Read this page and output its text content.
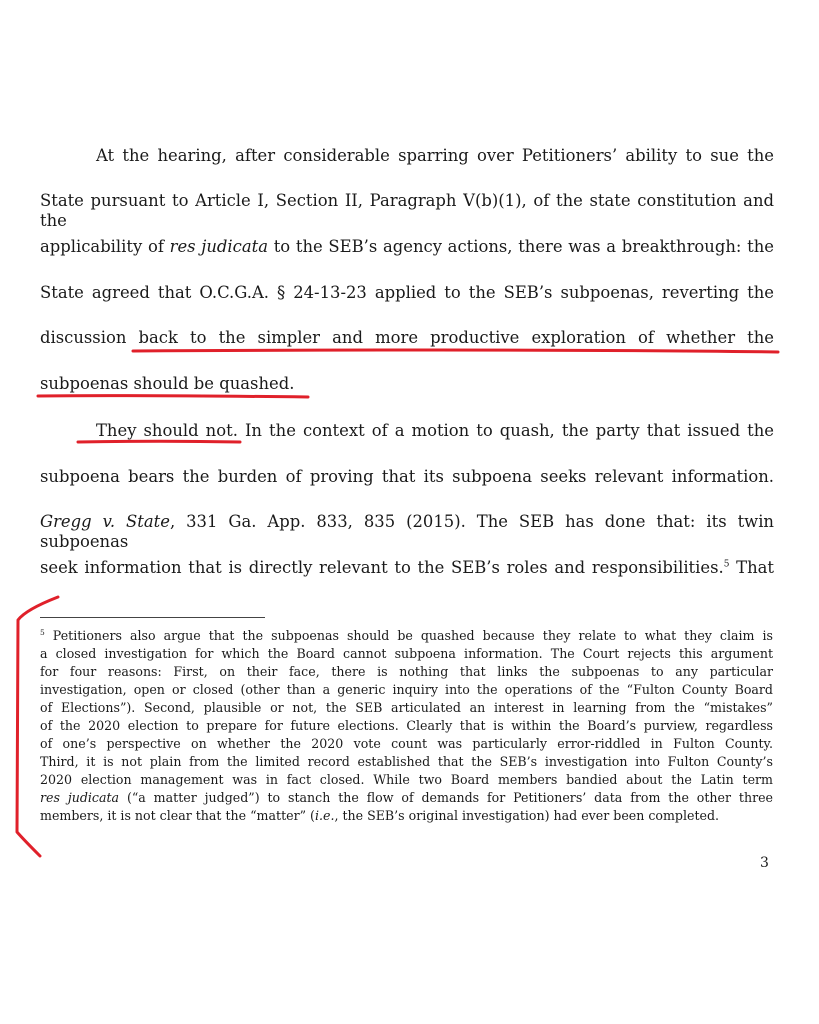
At the hearing, after considerable sparring over Petitioners’ ability to sue the
State pursuant to Article I, Section II, Paragraph V(b)(1), of the state constitution and the
applicability of res judicata to the SEB’s agency actions, there was a breakthrough: the
State agreed that O.C.G.A. § 24-13-23 applied to the SEB’s subpoenas, reverting the
discussion back to the simpler and more productive exploration of whether the
subpoenas should be quashed.
They should not. In the context of a motion to quash, the party that issued the
subpoena bears the burden of proving that its subpoena seeks relevant information.
Gregg v. State, 331 Ga. App. 833, 835 (2015). The SEB has done that: its twin subpoenas
seek information that is directly relevant to the SEB’s roles and responsibilities.$^5$ That
$^5$ Petitioners also argue that the subpoenas should be quashed because they relate to what they claim is
a closed investigation for which the Board cannot subpoena information. The Court rejects this argument
for four reasons: First, on their face, there is nothing that links the subpoenas to any particular
investigation, open or closed (other than a generic inquiry into the operations of the “Fulton County Board
of Elections”). Second, plausible or not, the SEB articulated an interest in learning from the “mistakes”
of the 2020 election to prepare for future elections. Clearly that is within the Board’s purview, regardless
of one’s perspective on whether the 2020 vote count was particularly error-riddled in Fulton County.
Third, it is not plain from the limited record established that the SEB’s investigation into Fulton County’s
2020 election management was in fact closed. While two Board members bandied about the Latin term
res judicata (“a matter judged”) to stanch the flow of demands for Petitioners’ data from the other three
members, it is not clear that the “matter” (i.e., the SEB’s original investigation) had ever been completed.
3
